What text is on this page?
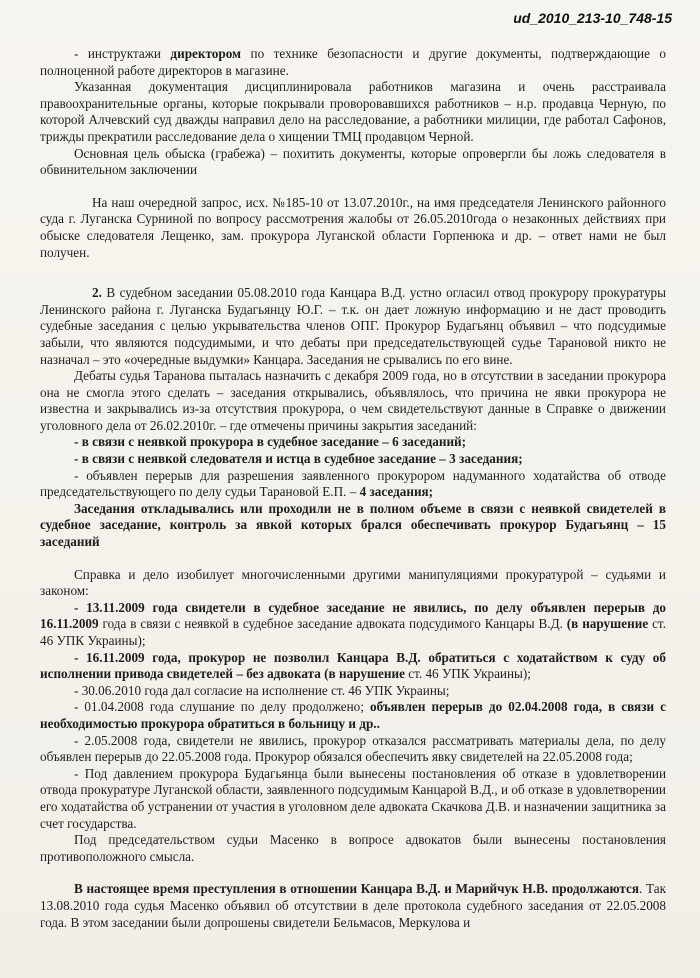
ud_2010_213-10_748-15

- инструктажи директором по технике безопасности и другие документы, подтверждающие о полноценной работе директоров в магазине.

Указанная документация дисциплинировала работников магазина и очень расстраивала правоохранительные органы, которые покрывали проворовавшихся работников – н.р. продавца Черную, по которой Алчевский суд дважды направил дело на расследование, а работники милиции, где работал Сафонов, трижды прекратили расследование дела о хищении ТМЦ продавцом Черной.

Основная цель обыска (грабежа) – похитить документы, которые опровергли бы ложь следователя в обвинительном заключении

На наш очередной запрос, исх. №185-10 от 13.07.2010г., на имя председателя Ленинского районного суда г. Луганска Сурниной по вопросу рассмотрения жалобы от 26.05.2010года о незаконных действиях при обыске следователя Лещенко, зам. прокурора Луганской области Горпенюка и др. – ответ нами не был получен.

2. В судебном заседании 05.08.2010 года Канцара В.Д. устно огласил отвод прокурору прокуратуры Ленинского района г. Луганска Будагьянцу Ю.Г. – т.к. он дает ложную информацию и не даст проводить судебные заседания с целью укрывательства членов ОПГ. Прокурор Будагьянц объявил – что подсудимые забыли, что являются подсудимыми, и что дебаты при председательствующей судье Тарановой никто не назначал – это «очередные выдумки» Канцара. Заседания не срывались по его вине.

Дебаты судья Таранова пыталась назначить с декабря 2009 года, но в отсутствии в заседании прокурора она не смогла этого сделать – заседания открывались, объявлялось, что причина не явки прокурора не известна и закрывались из-за отсутствия прокурора, о чем свидетельствуют данные в Справке о движении уголовного дела от 26.02.2010г. – где отмечены причины закрытия заседаний:

- в связи с неявкой прокурора в судебное заседание – 6 заседаний;

- в связи с неявкой следователя и истца в судебное заседание – 3 заседания;

- объявлен перерыв для разрешения заявленного прокурором надуманного ходатайства об отводе председательствующего по делу судьи Тарановой Е.П. – 4 заседания;

Заседания откладывались или проходили не в полном объеме в связи с неявкой свидетелей в судебное заседание, контроль за явкой которых брался обеспечивать прокурор Будагьянц – 15 заседаний

Справка и дело изобилует многочисленными другими манипуляциями прокуратурой – судьями и законом:

- 13.11.2009 года свидетели в судебное заседание не явились, по делу объявлен перерыв до 16.11.2009 года в связи с неявкой в судебное заседание адвоката подсудимого Канцары В.Д. (в нарушение ст. 46 УПК Украины);

- 16.11.2009 года, прокурор не позволил Канцара В.Д. обратиться с ходатайством к суду об исполнении привода свидетелей – без адвоката (в нарушение ст. 46 УПК Украины);

- 30.06.2010 года дал согласие на исполнение ст. 46 УПК Украины;

- 01.04.2008 года слушание по делу продолжено; объявлен перерыв до 02.04.2008 года, в связи с необходимостью прокурора обратиться в больницу и др..

- 2.05.2008 года, свидетели не явились, прокурор отказался рассматривать материалы дела, по делу объявлен перерыв до 22.05.2008 года. Прокурор обязался обеспечить явку свидетелей на 22.05.2008 года;

- Под давлением прокурора Будагьянца были вынесены постановления об отказе в удовлетворении отвода прокуратуре Луганской области, заявленного подсудимым Канцарой В.Д., и об отказе в удовлетворении его ходатайства об устранении от участия в уголовном деле адвоката Скачкова Д.В. и назначении защитника за счет государства.

Под председательством судьи Масенко в вопросе адвокатов были вынесены постановления противоположного смысла.

В настоящее время преступления в отношении Канцара В.Д. и Марийчук Н.В. продолжаются. Так 13.08.2010 года судья Масенко объявил об отсутствии в деле протокола судебного заседания от 22.05.2008 года. В этом заседании были допрошены свидетели Бельмасов, Меркулова и
